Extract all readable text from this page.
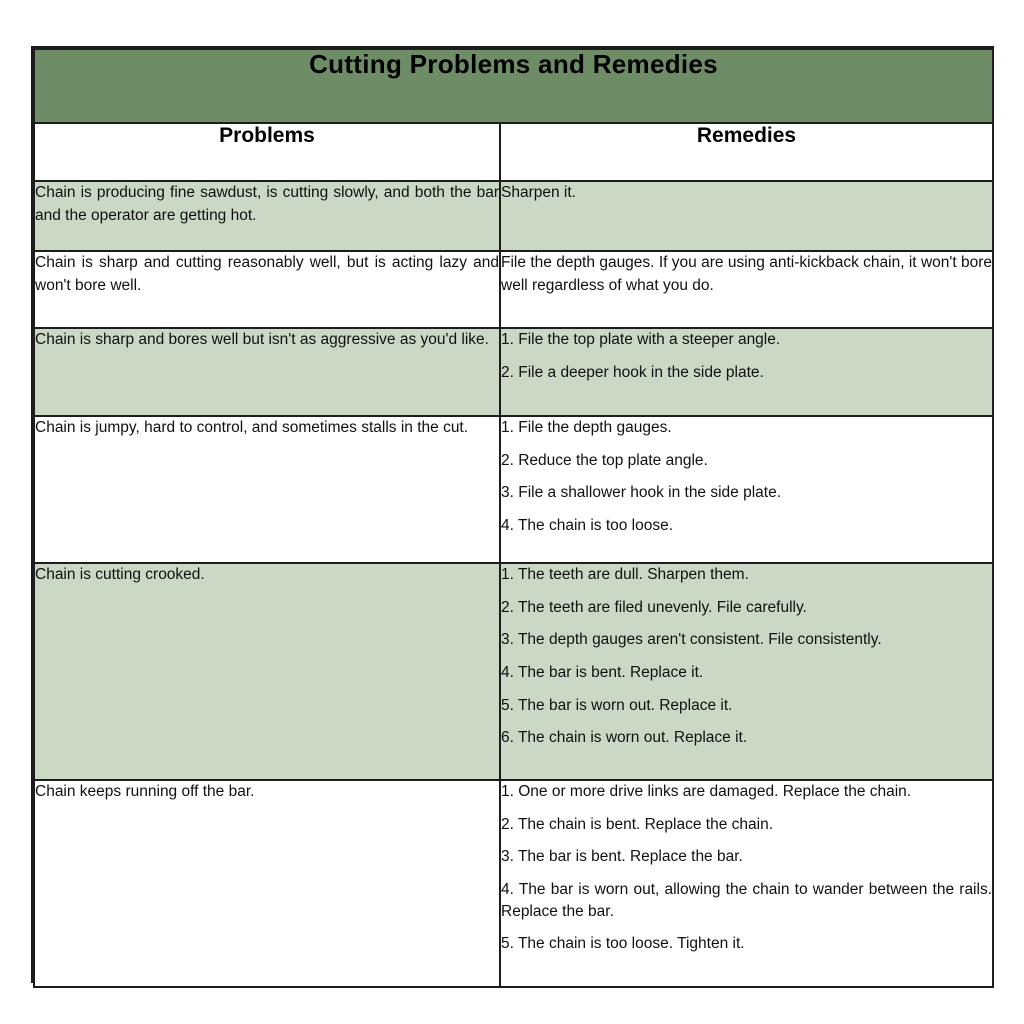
Cutting Problems and Remedies	

Problems	Remedies

Chain is producing fine sawdust, is cutting slowly, and both the bar and the operator are getting hot.	Sharpen it.

Chain is sharp and cutting reasonably well, but is acting lazy and won't bore well.	File the depth gauges. If you are using anti-kickback chain, it won't bore well regardless of what you do.

Chain is sharp and bores well but isn't as aggressive as you'd like.	1. File the top plate with a steeper angle.
2. File a deeper hook in the side plate.

Chain is jumpy, hard to control, and sometimes stalls in the cut.	1. File the depth gauges.
2. Reduce the top plate angle.
3. File a shallower hook in the side plate.
4. The chain is too loose.

Chain is cutting crooked.	1. The teeth are dull. Sharpen them.
2. The teeth are filed unevenly. File carefully.
3. The depth gauges aren't consistent. File consistently.
4. The bar is bent. Replace it.
5. The bar is worn out. Replace it.
6. The chain is worn out. Replace it.

Chain keeps running off the bar.	1. One or more drive links are damaged. Replace the chain.
2. The chain is bent. Replace the chain.
3. The bar is bent. Replace the bar.
4. The bar is worn out, allowing the chain to wander between the rails. Replace the bar.
5. The chain is too loose. Tighten it.
